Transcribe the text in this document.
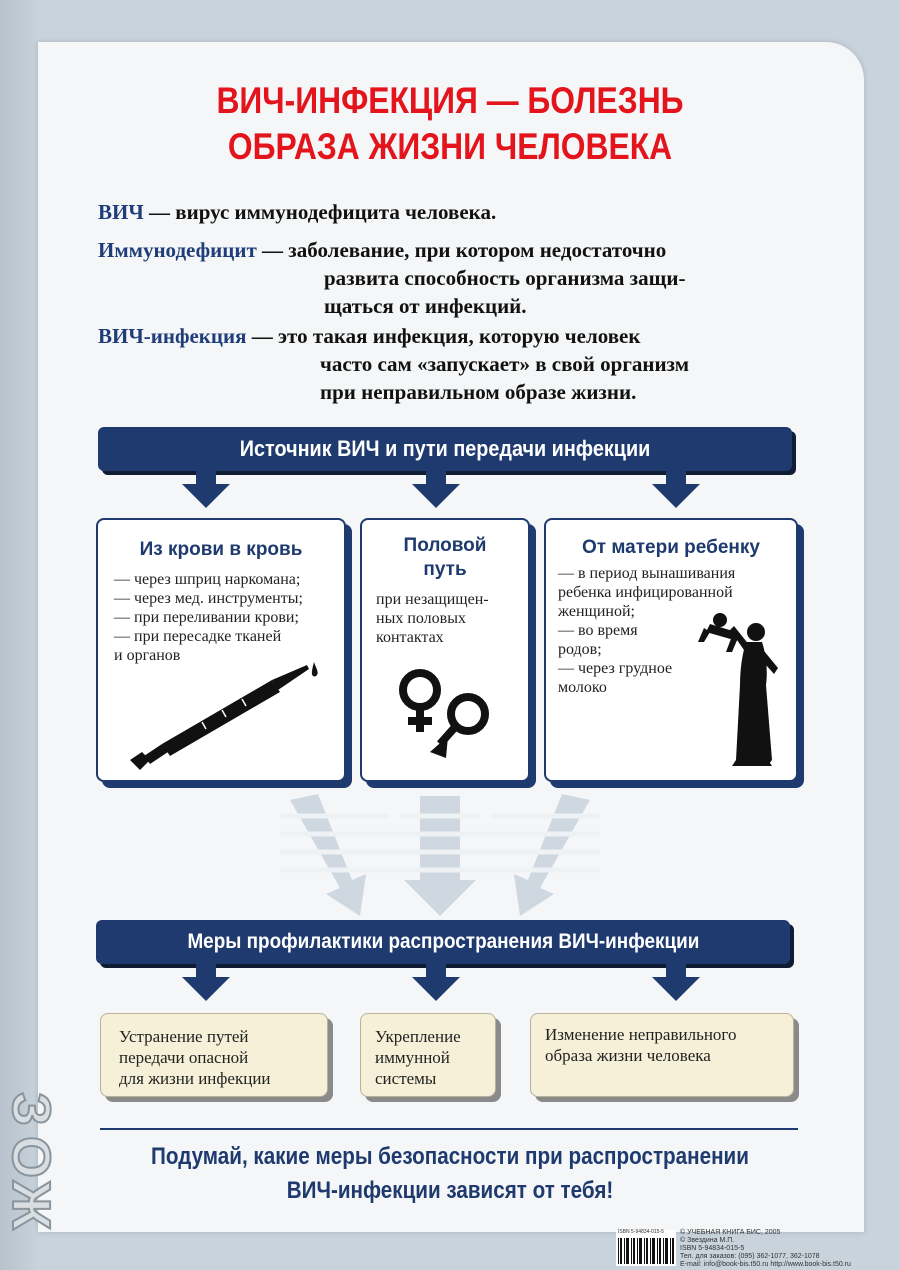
З
О
Ж
ВИЧ-ИНФЕКЦИЯ — БОЛЕЗНЬ
ОБРАЗА ЖИЗНИ ЧЕЛОВЕКА
ВИЧ — вирус иммунодефицита человека.
Иммунодефицит — заболевание, при котором недостаточно
развита способность организма защи-
щаться от инфекций.
ВИЧ-инфекция — это такая инфекция, которую человек
часто сам «запускает» в свой организм
при неправильном образе жизни.
Источник ВИЧ и пути передачи инфекции
Из крови в кровь
— через шприц наркомана;
— через мед. инструменты;
— при переливании крови;
— при пересадке тканей
и органов
Половой
путь
при незащищен-
ных половых
контактах
От матери ребенку
— в период вынашивания
ребенка инфицированной
женщиной;
— во время
родов;
— через грудное
молоко
Меры профилактики распространения ВИЧ-инфекции
Устранение путей
передачи опасной
для жизни инфекции
Укрепление
иммунной
системы
Изменение неправильного
образа жизни человека
Подумай, какие меры безопасности при распространении
ВИЧ-инфекции зависят от тебя!
ISBN 5-94834-015-5 © УЧЕБНАЯ КНИГА БИС, 2005
© Звездина М.П.
ISBN 5-94834-015-5
Тел. для заказов: (095) 362-1077, 362-1078
E-mail: info@book-bis.t50.ru http://www.book-bis.t50.ru
